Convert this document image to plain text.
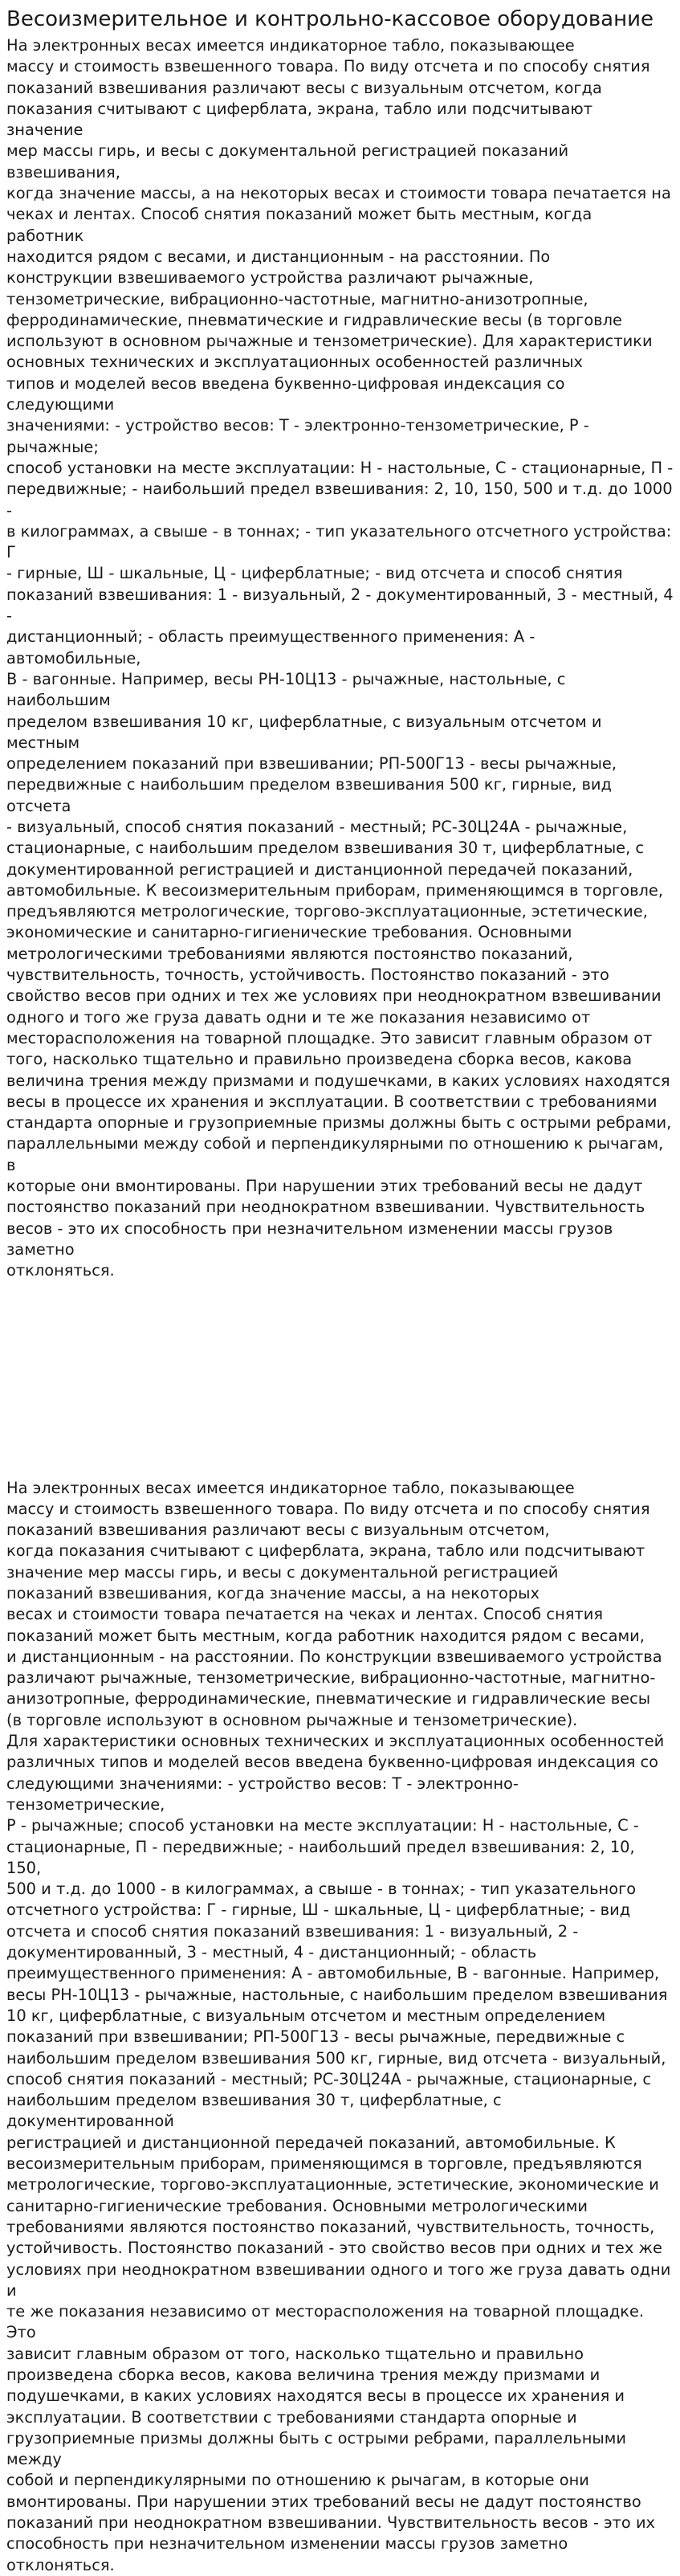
Весоизмерительное и контрольно-кассовое оборудование

На электронных весах имеется индикаторное табло, показывающее
массу и стоимость взвешенного товара. По виду отсчета и по способу снятия
показаний взвешивания различают весы с визуальным отсчетом, когда
показания считывают с циферблата, экрана, табло или подсчитывают значение
мер массы гирь, и весы с документальной регистрацией показаний взвешивания,
когда значение массы, а на некоторых весах и стоимости товара печатается на
чеках и лентах. Способ снятия показаний может быть местным, когда работник
находится рядом с весами, и дистанционным - на расстоянии. По
конструкции взвешиваемого устройства различают рычажные,
тензометрические, вибрационно-частотные, магнитно-анизотропные,
ферродинамические, пневматические и гидравлические весы (в торговле
используют в основном рычажные и тензометрические). Для характеристики
основных технических и эксплуатационных особенностей различных
типов и моделей весов введена буквенно-цифровая индексация со следующими
значениями: - устройство весов: Т - электронно-тензометрические, Р - рычажные;
способ установки на месте эксплуатации: Н - настольные, С - стационарные, П -
передвижные; - наибольший предел взвешивания: 2, 10, 150, 500 и т.д. до 1000 -
в килограммах, а свыше - в тоннах; - тип указательного отсчетного устройства: Г
- гирные, Ш - шкальные, Ц - циферблатные; - вид отсчета и способ снятия
показаний взвешивания: 1 - визуальный, 2 - документированный, 3 - местный, 4 -
дистанционный; - область преимущественного применения: А - автомобильные,
В - вагонные. Например, весы РН-10Ц13 - рычажные, настольные, с наибольшим
пределом взвешивания 10 кг, циферблатные, с визуальным отсчетом и местным
определением показаний при взвешивании; РП-500Г13 - весы рычажные,
передвижные с наибольшим пределом взвешивания 500 кг, гирные, вид отсчета
- визуальный, способ снятия показаний - местный; РС-30Ц24А - рычажные,
стационарные, с наибольшим пределом взвешивания 30 т, циферблатные, с
документированной регистрацией и дистанционной передачей показаний,
автомобильные. К весоизмерительным приборам, применяющимся в торговле,
предъявляются метрологические, торгово-эксплуатационные, эстетические,
экономические и санитарно-гигиенические требования. Основными
метрологическими требованиями являются постоянство показаний,
чувствительность, точность, устойчивость. Постоянство показаний - это
свойство весов при одних и тех же условиях при неоднократном взвешивании
одного и того же груза давать одни и те же показания независимо от
месторасположения на товарной площадке. Это зависит главным образом от
того, насколько тщательно и правильно произведена сборка весов, какова
величина трения между призмами и подушечками, в каких условиях находятся
весы в процессе их хранения и эксплуатации. В соответствии с требованиями
стандарта опорные и грузоприемные призмы должны быть с острыми ребрами,
параллельными между собой и перпендикулярными по отношению к рычагам, в
которые они вмонтированы. При нарушении этих требований весы не дадут
постоянство показаний при неоднократном взвешивании. Чувствительность
весов - это их способность при незначительном изменении массы грузов заметно
отклоняться.

На электронных весах имеется индикаторное табло, показывающее
массу и стоимость взвешенного товара. По виду отсчета и по способу снятия
показаний взвешивания различают весы с визуальным отсчетом,
когда показания считывают с циферблата, экрана, табло или подсчитывают
значение мер массы гирь, и весы с документальной регистрацией
показаний взвешивания, когда значение массы, а на некоторых
весах и стоимости товара печатается на чеках и лентах. Способ снятия
показаний может быть местным, когда работник находится рядом с весами,
и дистанционным - на расстоянии. По конструкции взвешиваемого устройства
различают рычажные, тензометрические, вибрационно-частотные, магнитно-
анизотропные, ферродинамические, пневматические и гидравлические весы
(в торговле используют в основном рычажные и тензометрические).
Для характеристики основных технических и эксплуатационных особенностей
различных типов и моделей весов введена буквенно-цифровая индексация со
следующими значениями: - устройство весов: Т - электронно-тензометрические,
Р - рычажные; способ установки на месте эксплуатации: Н - настольные, С -
стационарные, П - передвижные; - наибольший предел взвешивания: 2, 10, 150,
500 и т.д. до 1000 - в килограммах, а свыше - в тоннах; - тип указательного
отсчетного устройства: Г - гирные, Ш - шкальные, Ц - циферблатные; - вид
отсчета и способ снятия показаний взвешивания: 1 - визуальный, 2 -
документированный, 3 - местный, 4 - дистанционный; - область
преимущественного применения: А - автомобильные, В - вагонные. Например,
весы РН-10Ц13 - рычажные, настольные, с наибольшим пределом взвешивания
10 кг, циферблатные, с визуальным отсчетом и местным определением
показаний при взвешивании; РП-500Г13 - весы рычажные, передвижные с
наибольшим пределом взвешивания 500 кг, гирные, вид отсчета - визуальный,
способ снятия показаний - местный; РС-30Ц24А - рычажные, стационарные, с
наибольшим пределом взвешивания 30 т, циферблатные, с документированной
регистрацией и дистанционной передачей показаний, автомобильные. К
весоизмерительным приборам, применяющимся в торговле, предъявляются
метрологические, торгово-эксплуатационные, эстетические, экономические и
санитарно-гигиенические требования. Основными метрологическими
требованиями являются постоянство показаний, чувствительность, точность,
устойчивость. Постоянство показаний - это свойство весов при одних и тех же
условиях при неоднократном взвешивании одного и того же груза давать одни и
те же показания независимо от месторасположения на товарной площадке. Это
зависит главным образом от того, насколько тщательно и правильно
произведена сборка весов, какова величина трения между призмами и
подушечками, в каких условиях находятся весы в процессе их хранения и
эксплуатации. В соответствии с требованиями стандарта опорные и
грузоприемные призмы должны быть с острыми ребрами, параллельными между
собой и перпендикулярными по отношению к рычагам, в которые они
вмонтированы. При нарушении этих требований весы не дадут постоянство
показаний при неоднократном взвешивании. Чувствительность весов - это их
способность при незначительном изменении массы грузов заметно отклоняться.
